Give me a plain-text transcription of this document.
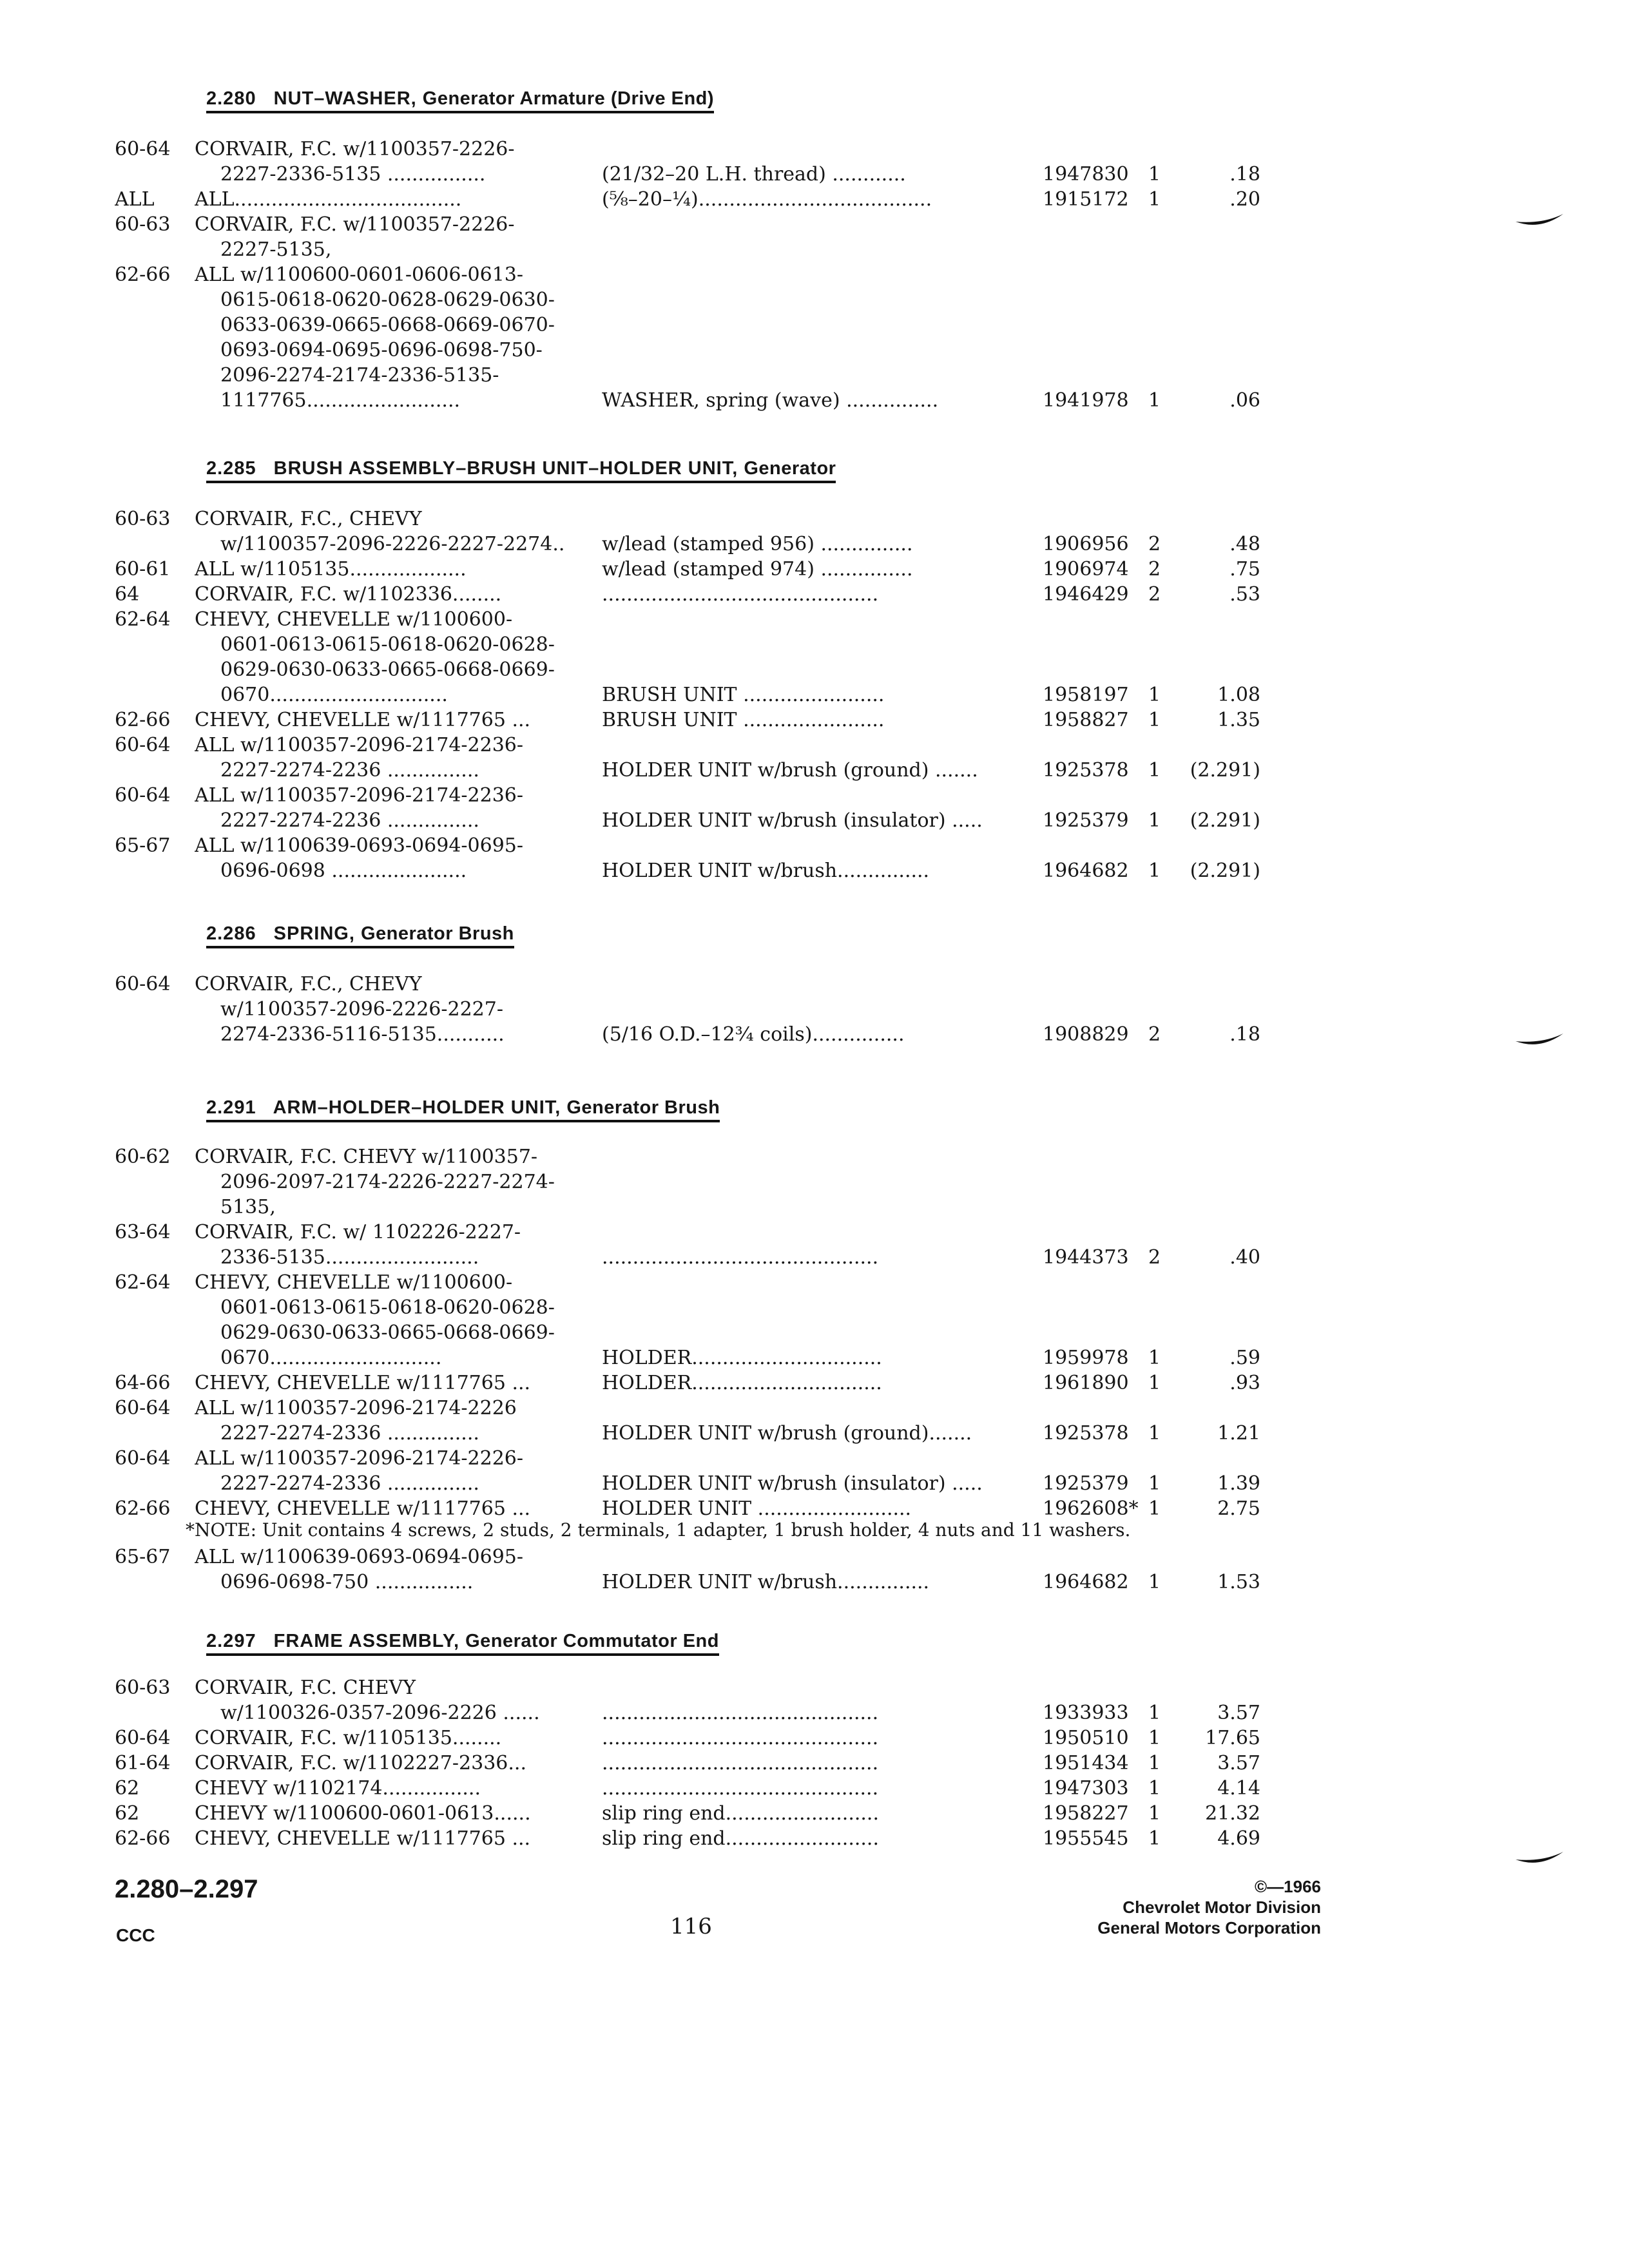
2.280 NUT–WASHER, Generator Armature (Drive End)
60-64	CORVAIR, F.C. w/1100357-2226-
2227-2336-5135 ................	(21/32–20 L.H. thread) ............	1947830	1	.18
ALL	ALL.....................................	(⅝–20–¼)......................................	1915172	1	.20
60-63	CORVAIR, F.C. w/1100357-2226-
2227-5135,
62-66	ALL w/1100600-0601-0606-0613-
0615-0618-0620-0628-0629-0630-
0633-0639-0665-0668-0669-0670-
0693-0694-0695-0696-0698-750-
2096-2274-2174-2336-5135-
1117765.........................	WASHER, spring (wave) ...............	1941978	1	.06
2.285 BRUSH ASSEMBLY–BRUSH UNIT–HOLDER UNIT, Generator
60-63	CORVAIR, F.C., CHEVY
w/1100357-2096-2226-2227-2274..	w/lead (stamped 956) ...............	1906956	2	.48
60-61	ALL w/1105135...................	w/lead (stamped 974) ...............	1906974	2	.75
64	CORVAIR, F.C. w/1102336........	.............................................	1946429	2	.53
62-64	CHEVY, CHEVELLE w/1100600-
0601-0613-0615-0618-0620-0628-
0629-0630-0633-0665-0668-0669-
0670.............................	BRUSH UNIT .......................	1958197	1	1.08
62-66	CHEVY, CHEVELLE w/1117765 ...	BRUSH UNIT .......................	1958827	1	1.35
60-64	ALL w/1100357-2096-2174-2236-
2227-2274-2236 ...............	HOLDER UNIT w/brush (ground) .......	1925378	1	(2.291)
60-64	ALL w/1100357-2096-2174-2236-
2227-2274-2236 ...............	HOLDER UNIT w/brush (insulator) .....	1925379	1	(2.291)
65-67	ALL w/1100639-0693-0694-0695-
0696-0698 ......................	HOLDER UNIT w/brush...............	1964682	1	(2.291)
2.286 SPRING, Generator Brush
60-64	CORVAIR, F.C., CHEVY
w/1100357-2096-2226-2227-
2274-2336-5116-5135...........	(5/16 O.D.–12¾ coils)...............	1908829	2	.18
2.291 ARM–HOLDER–HOLDER UNIT, Generator Brush
60-62	CORVAIR, F.C. CHEVY w/1100357-
2096-2097-2174-2226-2227-2274-
5135,
63-64	CORVAIR, F.C. w/ 1102226-2227-
2336-5135.........................	.............................................	1944373	2	.40
62-64	CHEVY, CHEVELLE w/1100600-
0601-0613-0615-0618-0620-0628-
0629-0630-0633-0665-0668-0669-
0670............................	HOLDER...............................	1959978	1	.59
64-66	CHEVY, CHEVELLE w/1117765 ...	HOLDER...............................	1961890	1	.93
60-64	ALL w/1100357-2096-2174-2226
2227-2274-2336 ...............	HOLDER UNIT w/brush (ground).......	1925378	1	1.21
60-64	ALL w/1100357-2096-2174-2226-
2227-2274-2336 ...............	HOLDER UNIT w/brush (insulator) .....	1925379	1	1.39
62-66	CHEVY, CHEVELLE w/1117765 ...	HOLDER UNIT .........................	1962608* 1	2.75
*NOTE: Unit contains 4 screws, 2 studs, 2 terminals, 1 adapter, 1 brush holder, 4 nuts and 11 washers.
65-67	ALL w/1100639-0693-0694-0695-
0696-0698-750 ................	HOLDER UNIT w/brush...............	1964682	1	1.53
2.297 FRAME ASSEMBLY, Generator Commutator End
60-63	CORVAIR, F.C. CHEVY
w/1100326-0357-2096-2226 ......	.............................................	1933933	1	3.57
60-64	CORVAIR, F.C. w/1105135........	.............................................	1950510	1	17.65
61-64	CORVAIR, F.C. w/1102227-2336...	.............................................	1951434	1	3.57
62	CHEVY w/1102174................	.............................................	1947303	1	4.14
62	CHEVY w/1100600-0601-0613......	slip ring end.........................	1958227	1	21.32
62-66	CHEVY, CHEVELLE w/1117765 ...	slip ring end.........................	1955545	1	4.69
2.280–2.297
CCC	116
©—1966
Chevrolet Motor Division
General Motors Corporation
